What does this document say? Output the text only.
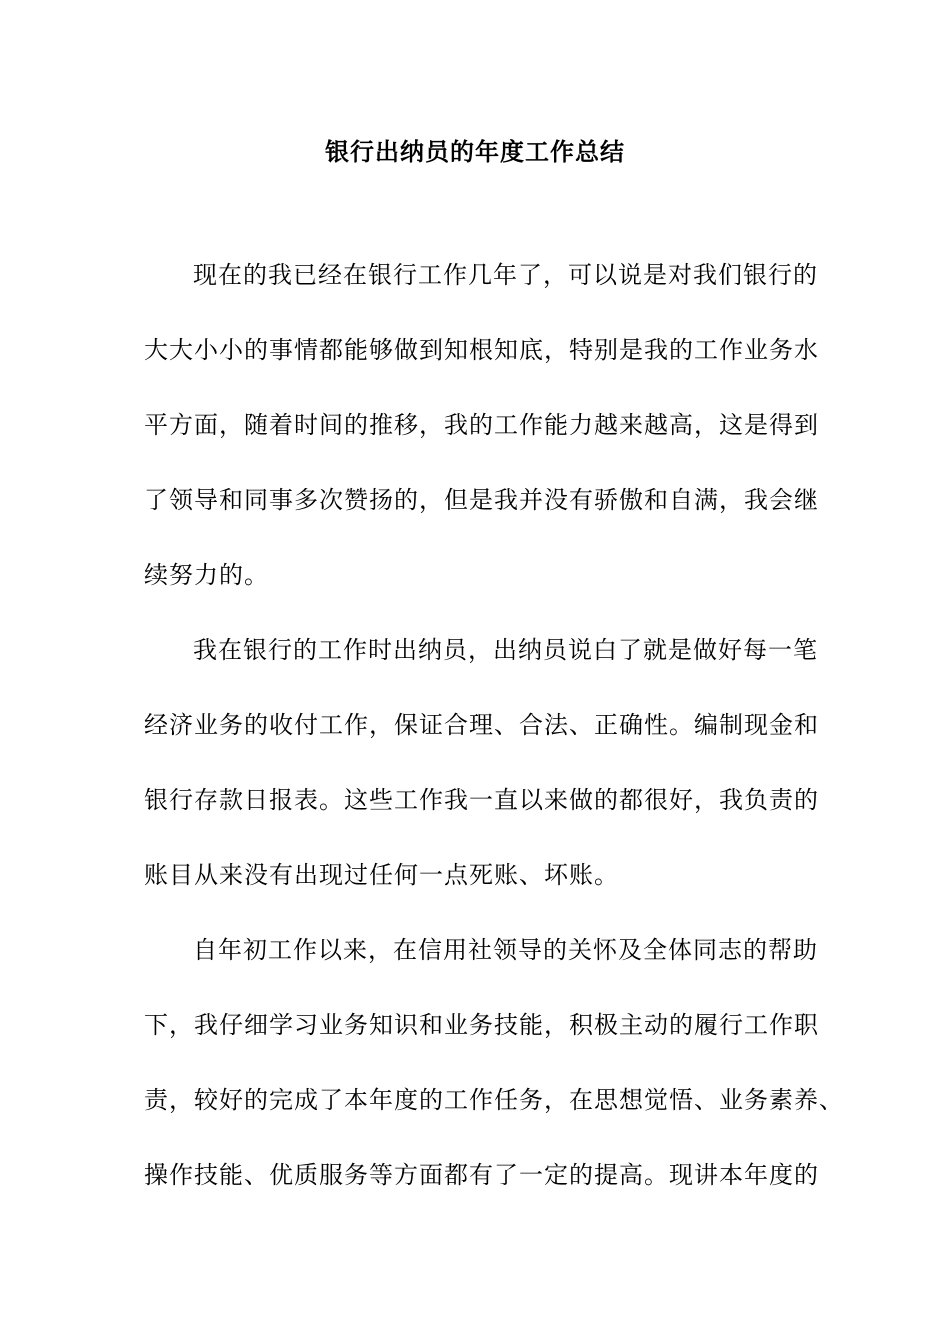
银行出纳员的年度工作总结
现在的我已经在银行工作几年了，可以说是对我们银行的
大大小小的事情都能够做到知根知底，特别是我的工作业务水
平方面，随着时间的推移，我的工作能力越来越高，这是得到
了领导和同事多次赞扬的，但是我并没有骄傲和自满，我会继
续努力的。
我在银行的工作时出纳员，出纳员说白了就是做好每一笔
经济业务的收付工作，保证合理、合法、正确性。编制现金和
银行存款日报表。这些工作我一直以来做的都很好，我负责的
账目从来没有出现过任何一点死账、坏账。
自年初工作以来，在信用社领导的关怀及全体同志的帮助
下，我仔细学习业务知识和业务技能，积极主动的履行工作职
责，较好的完成了本年度的工作任务，在思想觉悟、业务素养、
操作技能、优质服务等方面都有了一定的提高。现讲本年度的
